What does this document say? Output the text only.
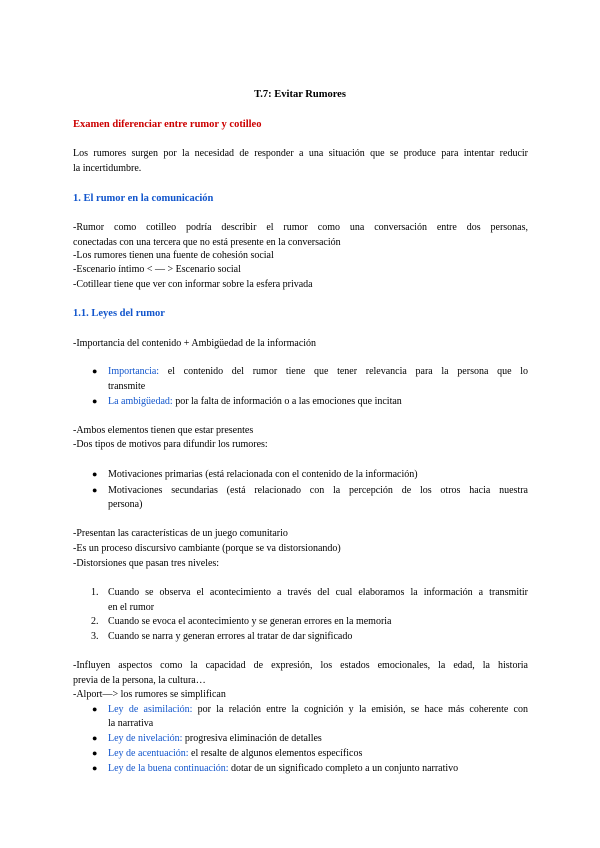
T.7: Evitar Rumores
Examen diferenciar entre rumor y cotilleo
Los rumores surgen por la necesidad de responder a una situación que se produce para intentar reducir
la incertidumbre.
1. El rumor en la comunicación
-Rumor como cotilleo podría describir el rumor como una conversación entre dos personas,
conectadas con una tercera que no está presente en la conversación
-Los rumores tienen una fuente de cohesión social
-Escenario íntimo < — > Escenario social
-Cotillear tiene que ver con informar sobre la esfera privada
1.1. Leyes del rumor
-Importancia del contenido + Ambigüedad de la información
● Importancia: el contenido del rumor tiene que tener relevancia para la persona que lo
transmite
● La ambigüedad: por la falta de información o a las emociones que incitan
-Ambos elementos tienen que estar presentes
-Dos tipos de motivos para difundir los rumores:
● Motivaciones primarias (está relacionada con el contenido de la información)
● Motivaciones secundarias (está relacionado con la percepción de los otros hacia nuestra
persona)
-Presentan las características de un juego comunitario
-Es un proceso discursivo cambiante (porque se va distorsionando)
-Distorsiones que pasan tres niveles:
1. Cuando se observa el acontecimiento a través del cual elaboramos la información a transmitir
en el rumor
2. Cuando se evoca el acontecimiento y se generan errores en la memoria
3. Cuando se narra y generan errores al tratar de dar significado
-Influyen aspectos como la capacidad de expresión, los estados emocionales, la edad, la historia
previa de la persona, la cultura…
-Alport—> los rumores se simplifican
● Ley de asimilación: por la relación entre la cognición y la emisión, se hace más coherente con
la narrativa
● Ley de nivelación: progresiva eliminación de detalles
● Ley de acentuación: el resalte de algunos elementos específicos
● Ley de la buena continuación: dotar de un significado completo a un conjunto narrativo
